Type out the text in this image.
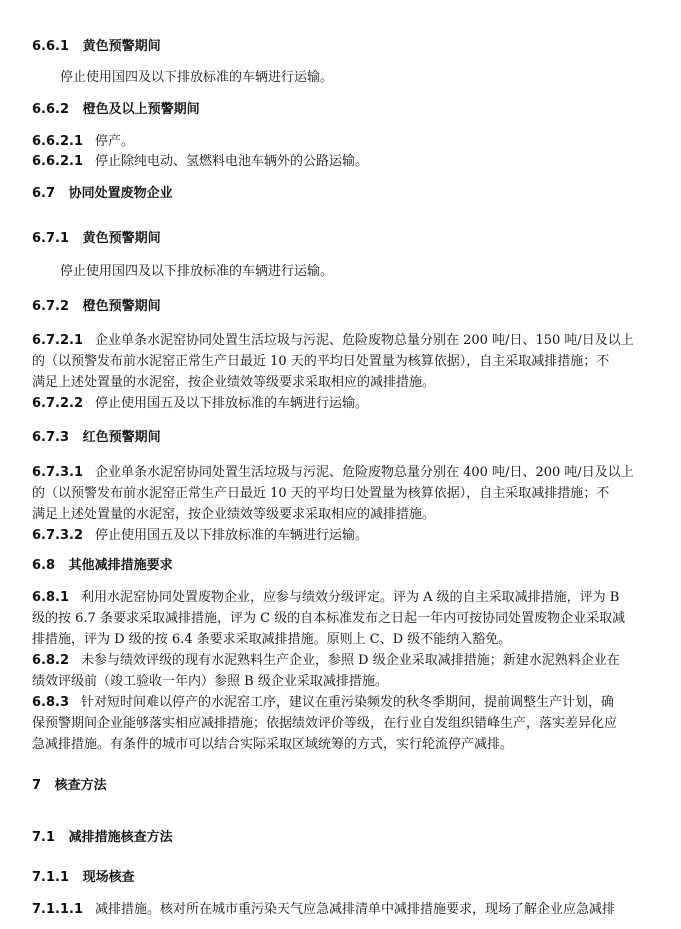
6.6.1 黄色预警期间
停止使用国四及以下排放标准的车辆进行运输。
6.6.2 橙色及以上预警期间
6.6.2.1 停产。
6.6.2.1 停止除纯电动、氢燃料电池车辆外的公路运输。
6.7 协同处置废物企业
6.7.1 黄色预警期间
停止使用国四及以下排放标准的车辆进行运输。
6.7.2 橙色预警期间
6.7.2.1 企业单条水泥窑协同处置生活垃圾与污泥、危险废物总量分别在 200 吨/日、150 吨/日及以上
的（以预警发布前水泥窑正常生产日最近 10 天的平均日处置量为核算依据），自主采取减排措施；不
满足上述处置量的水泥窑，按企业绩效等级要求采取相应的减排措施。
6.7.2.2 停止使用国五及以下排放标准的车辆进行运输。
6.7.3 红色预警期间
6.7.3.1 企业单条水泥窑协同处置生活垃圾与污泥、危险废物总量分别在 400 吨/日、200 吨/日及以上
的（以预警发布前水泥窑正常生产日最近 10 天的平均日处置量为核算依据），自主采取减排措施；不
满足上述处置量的水泥窑，按企业绩效等级要求采取相应的减排措施。
6.7.3.2 停止使用国五及以下排放标准的车辆进行运输。
6.8 其他减排措施要求
6.8.1 利用水泥窑协同处置废物企业，应参与绩效分级评定。评为 A 级的自主采取减排措施，评为 B
级的按 6.7 条要求采取减排措施，评为 C 级的自本标准发布之日起一年内可按协同处置废物企业采取减
排措施，评为 D 级的按 6.4 条要求采取减排措施。原则上 C、D 级不能纳入豁免。
6.8.2 未参与绩效评级的现有水泥熟料生产企业，参照 D 级企业采取减排措施；新建水泥熟料企业在
绩效评级前（竣工验收一年内）参照 B 级企业采取减排措施。
6.8.3 针对短时间难以停产的水泥窑工序，建议在重污染频发的秋冬季期间，提前调整生产计划，确
保预警期间企业能够落实相应减排措施；依据绩效评价等级，在行业自发组织错峰生产，落实差异化应
急减排措施。有条件的城市可以结合实际采取区域统筹的方式，实行轮流停产减排。
7 核查方法
7.1 减排措施核查方法
7.1.1 现场核查
7.1.1.1 减排措施。核对所在城市重污染天气应急减排清单中减排措施要求，现场了解企业应急减排
